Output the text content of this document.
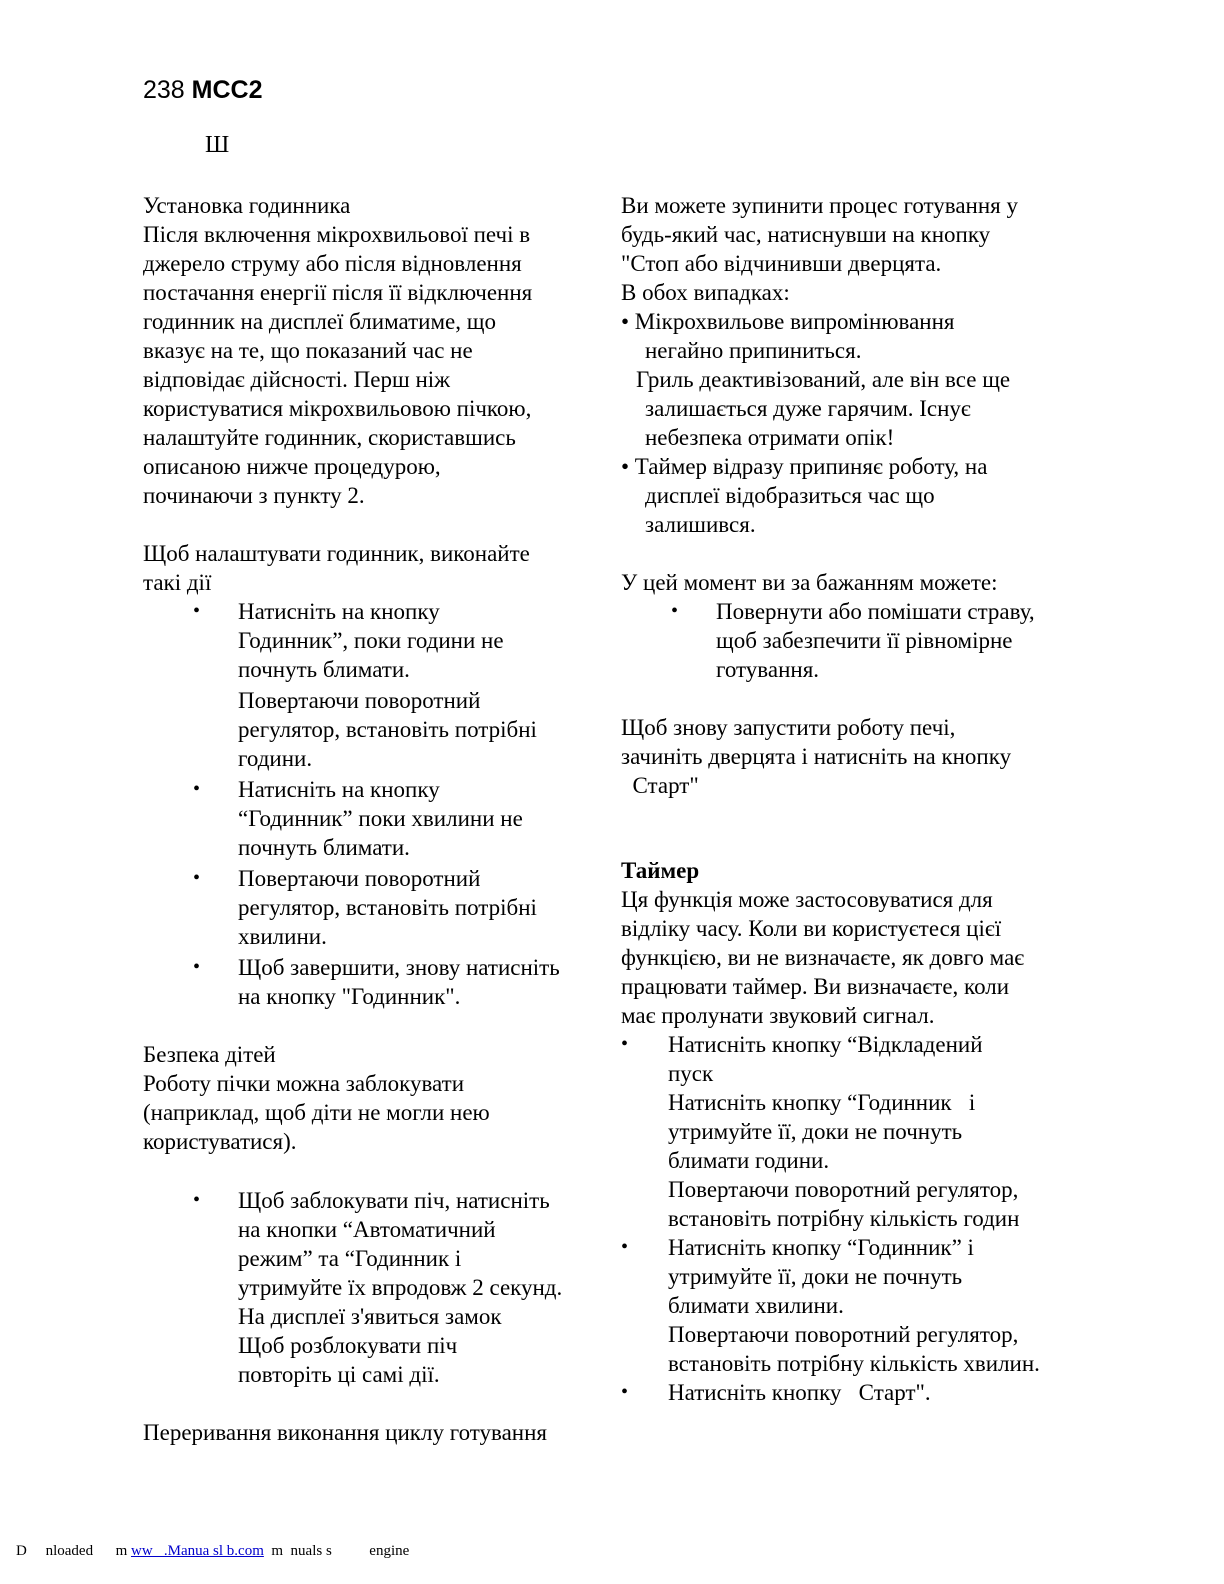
238 MCC2
Ш
Установка годинника
Після включення мікрохвильової печі в
джерело струму або після відновлення
постачання енергії після її відключення
годинник на дисплеї блиматиме, що
вказує на те, що показаний час не
відповідає дійсності. Перш ніж
користуватися мікрохвильовою пічкою,
налаштуйте годинник, скориставшись
описаною нижче процедурою,
починаючи з пункту 2.
Щоб налаштувати годинник, виконайте
такі дії
• Натисніть на кнопку
Годинник”, поки години не
почнуть блимати.
Повертаючи поворотний
регулятор, встановіть потрібні
години.
• Натисніть на кнопку
“Годинник” поки хвилини не
почнуть блимати.
• Повертаючи поворотний
регулятор, встановіть потрібні
хвилини.
• Щоб завершити, знову натисніть
на кнопку "Годинник".
Безпека дітей
Роботу пічки можна заблокувати
(наприклад, щоб діти не могли нею
користуватися).
• Щоб заблокувати піч, натисніть
на кнопки “Автоматичний
режим” та “Годинник і
утримуйте їх впродовж 2 секунд.
На дисплеї з'явиться замок
Щоб розблокувати піч
повторіть ці самі дії.
Переривання виконання циклу готування
Ви можете зупинити процес готування у
будь-який час, натиснувши на кнопку
"Стоп або відчинивши дверцята.
В обох випадках:
• Мікрохвильове випромінювання
негайно припиниться.
Гриль деактивізований, але він все ще
залишається дуже гарячим. Існує
небезпека отримати опік!
• Таймер відразу припиняє роботу, на
дисплеї відобразиться час що
залишився.
У цей момент ви за бажанням можете:
• Повернути або помішати страву,
щоб забезпечити її рівномірне
готування.
Щоб знову запустити роботу печі,
зачиніть дверцята і натисніть на кнопку
Старт"
Таймер
Ця функція може застосовуватися для
відліку часу. Коли ви користуєтеся цієї
функцією, ви не визначаєте, як довго має
працювати таймер. Ви визначаєте, коли
має пролунати звуковий сигнал.
• Натисніть кнопку “Відкладений
пуск
Натисніть кнопку “Годинник   і
утримуйте її, доки не почнуть
блимати години.
Повертаючи поворотний регулятор,
встановіть потрібну кількість годин
• Натисніть кнопку “Годинник” і
утримуйте її, доки не почнуть
блимати хвилини.
Повертаючи поворотний регулятор,
встановіть потрібну кількість хвилин.
• Натисніть кнопку   Старт".
D     nloaded      m ww   .Manua sl b.com  m  nuals s          engine
